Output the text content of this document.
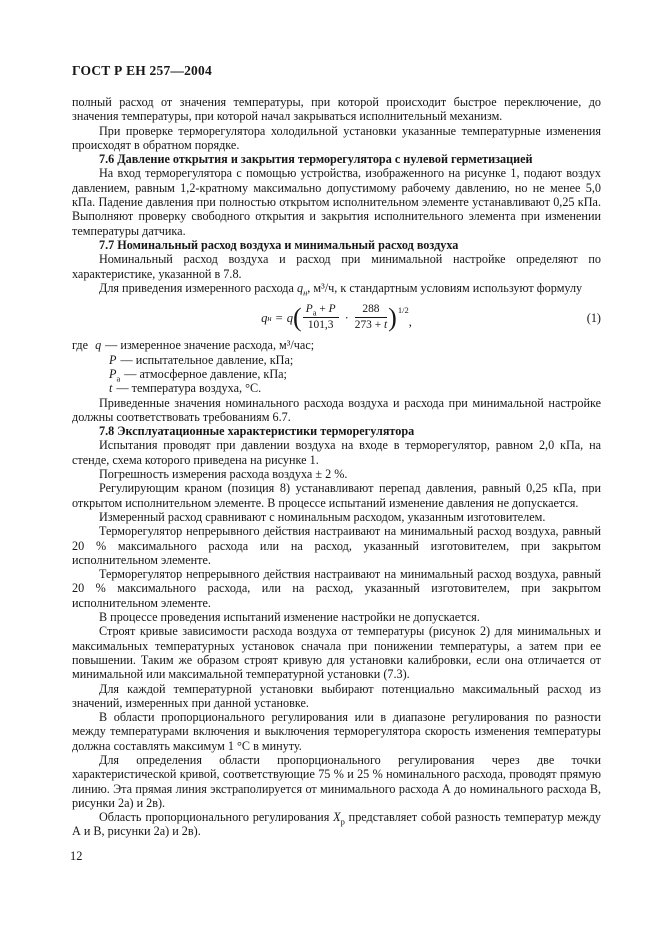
ГОСТ Р ЕН 257—2004

полный расход от значения температуры, при которой происходит быстрое переключение, до значения температуры, при которой начал закрываться исполнительный механизм.

При проверке терморегулятора холодильной установки указанные температурные изменения происходят в обратном порядке.

7.6 Давление открытия и закрытия терморегулятора с нулевой герметизацией

На вход терморегулятора с помощью устройства, изображенного на рисунке 1, подают воздух давлением, равным 1,2-кратному максимально допустимому рабочему давлению, но не менее 5,0 кПа. Падение давления при полностью открытом исполнительном элементе устанавливают 0,25 кПа. Выполняют проверку свободного открытия и закрытия исполнительного элемента при изменении температуры датчика.

7.7 Номинальный расход воздуха и минимальный расход воздуха

Номинальный расход воздуха и расход при минимальной настройке определяют по характеристике, указанной в 7.8.

Для приведения измеренного расхода $q_н$, м³/ч, к стандартным условиям используют формулу

q н = q ( $\frac{P_а + P}{101,3} \cdot \frac{288}{273 + t}$ ) 1/2
,	(1)

где q — измеренное значение расхода, м³/час;

P — испытательное давление, кПа;

$P_а$ — атмосферное давление, кПа;

t — температура воздуха, °С.

Приведенные значения номинального расхода воздуха и расхода при минимальной настройке должны соответствовать требованиям 6.7.

7.8 Эксплуатационные характеристики терморегулятора

Испытания проводят при давлении воздуха на входе в терморегулятор, равном 2,0 кПа, на стенде, схема которого приведена на рисунке 1.

Погрешность измерения расхода воздуха ± 2 %.

Регулирующим краном (позиция 8) устанавливают перепад давления, равный 0,25 кПа, при открытом исполнительном элементе. В процессе испытаний изменение давления не допускается.

Измеренный расход сравнивают с номинальным расходом, указанным изготовителем.

Терморегулятор непрерывного действия настраивают на минимальный расход воздуха, равный 20 % максимального расхода или на расход, указанный изготовителем, при закрытом исполнительном элементе.

Терморегулятор непрерывного действия настраивают на минимальный расход воздуха, равный 20 % максимального расхода, или на расход, указанный изготовителем, при закрытом исполнительном элементе.

В процессе проведения испытаний изменение настройки не допускается.

Строят кривые зависимости расхода воздуха от температуры (рисунок 2) для минимальных и максимальных температурных установок сначала при понижении температуры, а затем при ее повышении. Таким же образом строят кривую для установки калибровки, если она отличается от минимальной или максимальной температурной установки (7.3).

Для каждой температурной установки выбирают потенциально максимальный расход из значений, измеренных при данной установке.

В области пропорционального регулирования или в диапазоне регулирования по разности между температурами включения и выключения терморегулятора скорость изменения температуры должна составлять максимум 1 °С в минуту.

Для определения области пропорционального регулирования через две точки характеристической кривой, соответствующие 75 % и 25 % номинального расхода, проводят прямую линию. Эта прямая линия экстраполируется от минимального расхода А до номинального расхода В, рисунки 2а) и 2в).

Область пропорционального регулирования $X_р$ представляет собой разность температур между А и В, рисунки 2а) и 2в).

12
